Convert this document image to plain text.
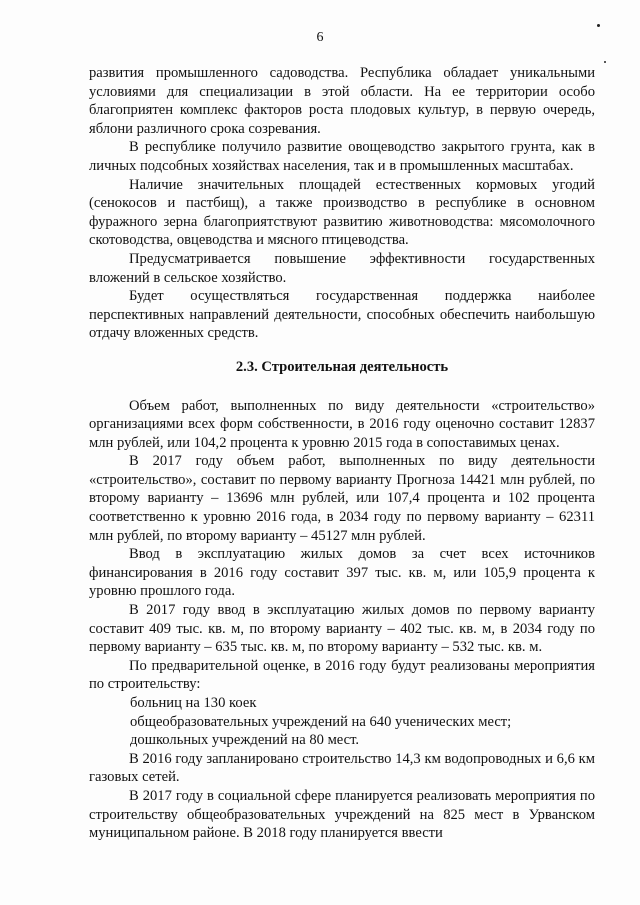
6

развития промышленного садоводства. Республика обладает уникальными условиями для специализации в этой области. На ее территории особо благоприятен комплекс факторов роста плодовых культур, в первую очередь, яблони различного срока созревания.

В республике получило развитие овощеводство закрытого грунта, как в личных подсобных хозяйствах населения, так и в промышленных масштабах.

Наличие значительных площадей естественных кормовых угодий (сенокосов и пастбищ), а также производство в республике в основном фуражного зерна благоприятствуют развитию животноводства: мясомолочного скотоводства, овцеводства и мясного птицеводства.

Предусматривается повышение эффективности государственных вложений в сельское хозяйство.

Будет осуществляться государственная поддержка наиболее перспективных направлений деятельности, способных обеспечить наибольшую отдачу вложенных средств.

2.3. Строительная деятельность

Объем работ, выполненных по виду деятельности «строительство» организациями всех форм собственности, в 2016 году оценочно составит 12837 млн рублей, или 104,2 процента к уровню 2015 года в сопоставимых ценах.

В 2017 году объем работ, выполненных по виду деятельности «строительство», составит по первому варианту Прогноза 14421 млн рублей, по второму варианту – 13696 млн рублей, или 107,4 процента и 102 процента соответственно к уровню 2016 года, в 2034 году по первому варианту – 62311 млн рублей, по второму варианту – 45127 млн рублей.

Ввод в эксплуатацию жилых домов за счет всех источников финансирования в 2016 году составит 397 тыс. кв. м, или 105,9 процента к уровню прошлого года.

В 2017 году ввод в эксплуатацию жилых домов по первому варианту составит 409 тыс. кв. м, по второму варианту – 402 тыс. кв. м, в 2034 году по первому варианту – 635 тыс. кв. м, по второму варианту – 532 тыс. кв. м.

По предварительной оценке, в 2016 году будут реализованы мероприятия по строительству:

больниц на 130 коек

общеобразовательных учреждений на 640 ученических мест;

дошкольных учреждений на 80 мест.

В 2016 году запланировано строительство 14,3 км водопроводных и 6,6 км газовых сетей.

В 2017 году в социальной сфере планируется реализовать мероприятия по строительству общеобразовательных учреждений на 825 мест в Урванском муниципальном районе. В 2018 году планируется ввести
